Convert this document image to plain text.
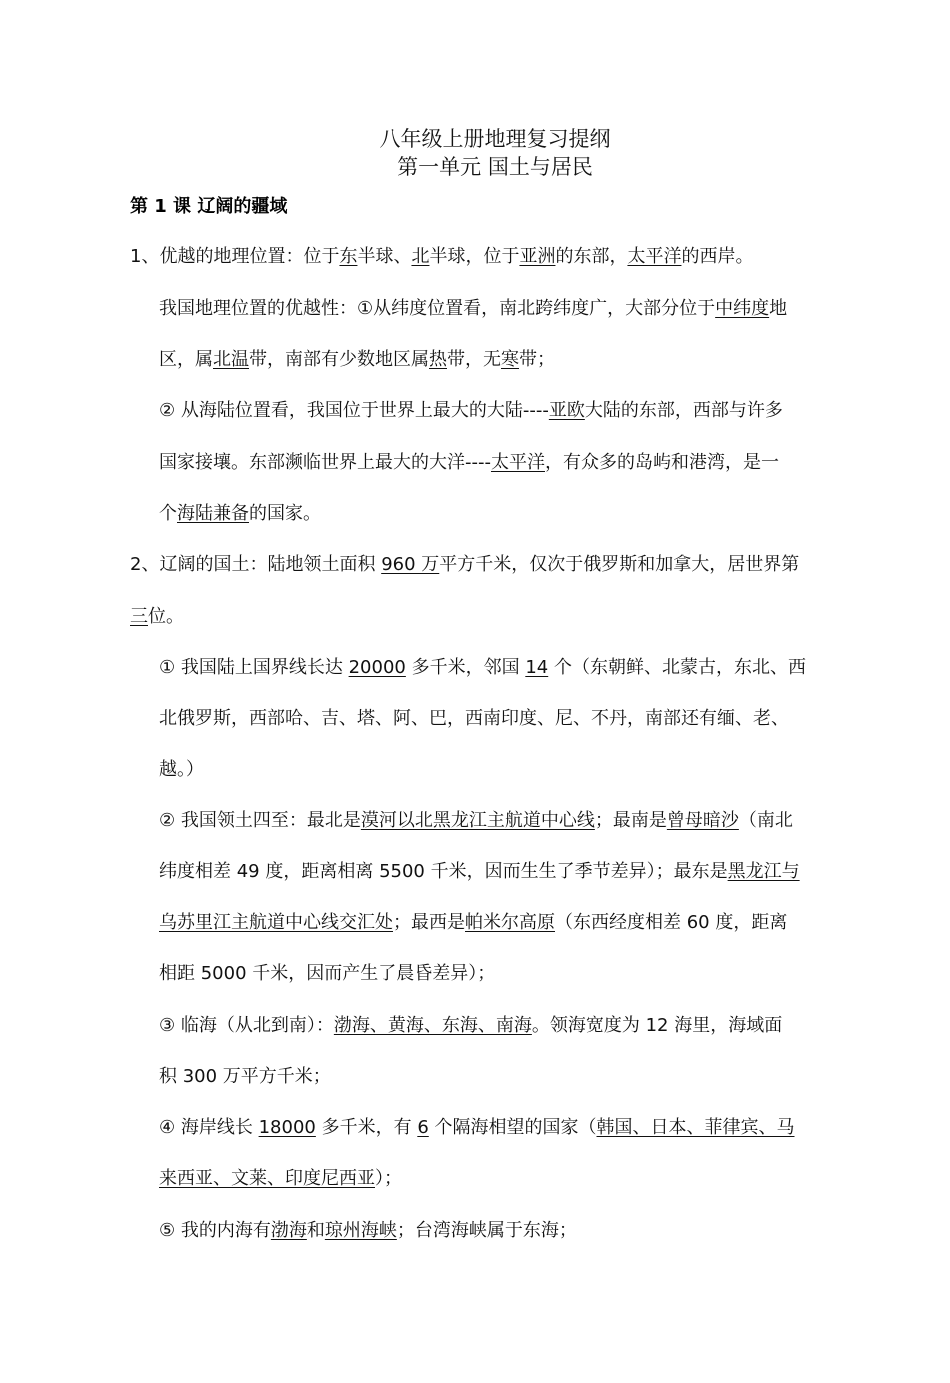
八年级上册地理复习提纲
第一单元 国土与居民
第 1 课 辽阔的疆域
1、优越的地理位置：位于东半球、北半球，位于亚洲的东部，太平洋的西岸。
我国地理位置的优越性：①从纬度位置看，南北跨纬度广，大部分位于中纬度地
区，属北温带，南部有少数地区属热带，无寒带；
② 从海陆位置看，我国位于世界上最大的大陆----亚欧大陆的东部，西部与许多
国家接壤。东部濒临世界上最大的大洋----太平洋，有众多的岛屿和港湾，是一
个海陆兼备的国家。
2、辽阔的国土：陆地领土面积 960 万平方千米，仅次于俄罗斯和加拿大，居世界第
三位。
① 我国陆上国界线长达 20000 多千米，邻国 14 个（东朝鲜、北蒙古，东北、西
北俄罗斯，西部哈、吉、塔、阿、巴，西南印度、尼、不丹，南部还有缅、老、
越。）
② 我国领土四至：最北是漠河以北黑龙江主航道中心线；最南是曾母暗沙（南北
纬度相差 49 度，距离相离 5500 千米，因而生生了季节差异）；最东是黑龙江与
乌苏里江主航道中心线交汇处；最西是帕米尔高原（东西经度相差 60 度，距离
相距 5000 千米，因而产生了晨昏差异）；
③ 临海（从北到南）：渤海、黄海、东海、南海。领海宽度为 12 海里，海域面
积 300 万平方千米；
④ 海岸线长 18000 多千米，有 6 个隔海相望的国家（韩国、日本、菲律宾、马
来西亚、文莱、印度尼西亚）；
⑤ 我的内海有渤海和琼州海峡；台湾海峡属于东海；
